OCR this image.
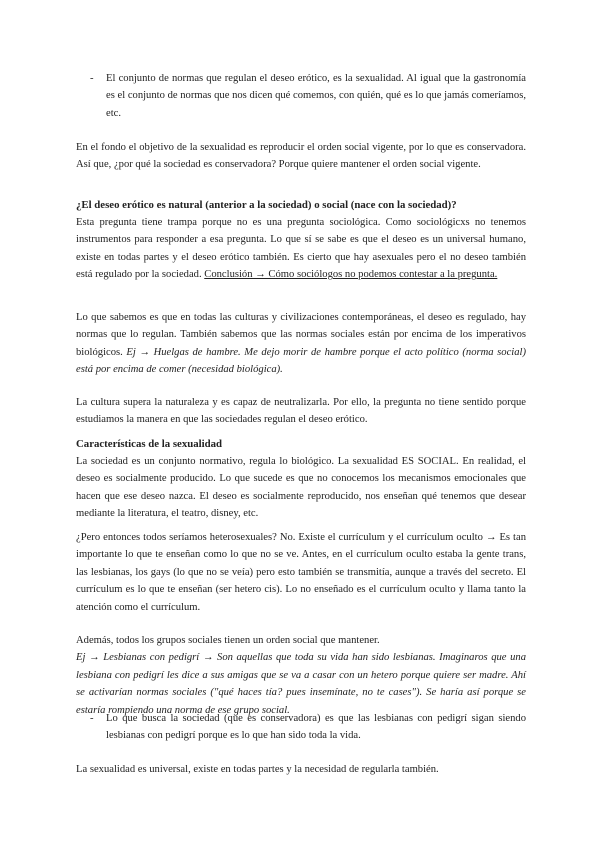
-	El conjunto de normas que regulan el deseo erótico, es la sexualidad. Al igual que la gastronomía es el conjunto de normas que nos dicen qué comemos, con quién, qué es lo que jamás comeríamos, etc.

En el fondo el objetivo de la sexualidad es reproducir el orden social vigente, por lo que es conservadora. Así que, ¿por qué la sociedad es conservadora? Porque quiere mantener el orden social vigente.

¿El deseo erótico es natural (anterior a la sociedad) o social (nace con la sociedad)?

Esta pregunta tiene trampa porque no es una pregunta sociológica. Como sociológicxs no tenemos instrumentos para responder a esa pregunta. Lo que sí se sabe es que el deseo es un universal humano, existe en todas partes y el deseo erótico también. Es cierto que hay asexuales pero el no deseo también está regulado por la sociedad. Conclusión → Cómo sociólogos no podemos contestar a la pregunta.

Lo que sabemos es que en todas las culturas y civilizaciones contemporáneas, el deseo es regulado, hay normas que lo regulan. También sabemos que las normas sociales están por encima de los imperativos biológicos. Ej → Huelgas de hambre. Me dejo morir de hambre porque el acto político (norma social) está por encima de comer (necesidad biológica).

La cultura supera la naturaleza y es capaz de neutralizarla. Por ello, la pregunta no tiene sentido porque estudiamos la manera en que las sociedades regulan el deseo erótico.

Características de la sexualidad

La sociedad es un conjunto normativo, regula lo biológico. La sexualidad ES SOCIAL. En realidad, el deseo es socialmente producido. Lo que sucede es que no conocemos los mecanismos emocionales que hacen que ese deseo nazca. El deseo es socialmente reproducido, nos enseñan qué tenemos que desear mediante la literatura, el teatro, disney, etc.

¿Pero entonces todos seríamos heterosexuales? No. Existe el currículum y el currículum oculto → Es tan importante lo que te enseñan como lo que no se ve. Antes, en el currículum oculto estaba la gente trans, las lesbianas, los gays (lo que no se veía) pero esto también se transmitía, aunque a través del secreto. El currículum es lo que te enseñan (ser hetero cis). Lo no enseñado es el currículum oculto y llama tanto la atención como el currículum.

Además, todos los grupos sociales tienen un orden social que mantener.
Ej → Lesbianas con pedigrí → Son aquellas que toda su vida han sido lesbianas. Imaginaros que una lesbiana con pedigrí les dice a sus amigas que se va a casar con un hetero porque quiere ser madre. Ahí se activarían normas sociales ("qué haces tía? pues insemínate, no te cases"). Se haría así porque se estaría rompiendo una norma de ese grupo social.

-	Lo que busca la sociedad (que es conservadora) es que las lesbianas con pedigrí sigan siendo lesbianas con pedigrí porque es lo que han sido toda la vida.

La sexualidad es universal, existe en todas partes y la necesidad de regularla también.
